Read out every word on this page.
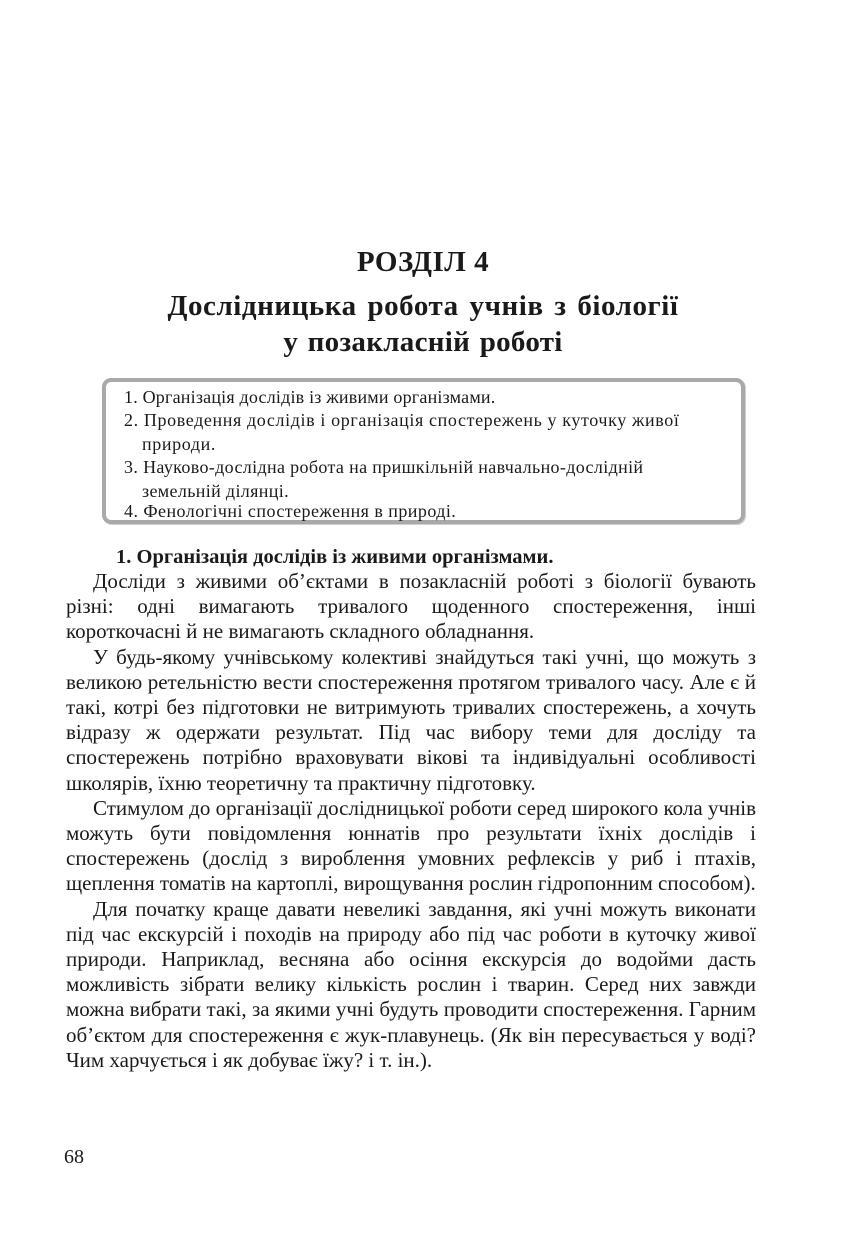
РОЗДІЛ 4
Дослідницька робота учнів з біології
у позакласній роботі
1. Організація дослідів із живими організмами.
2. Проведення дослідів і організація спостережень у куточку живої
природи.
3. Науково-дослідна робота на пришкільній навчально-дослідній
земельній ділянці.
4. Фенологічні спостереження в природі.
1. Організація дослідів із живими організмами.

Досліди з живими об’єктами в позакласній роботі з біології бувають різні: одні вимагають тривалого щоденного спостереження, інші короткочасні й не вимагають складного обладнання.

У будь-якому учнівському колективі знайдуться такі учні, що можуть з великою ретельністю вести спостереження протягом тривалого часу. Але є й такі, котрі без підготовки не витримують тривалих спостережень, а хочуть відразу ж одержати результат. Під час вибору теми для досліду та спостережень потрібно враховувати вікові та індивідуальні особливості школярів, їхню теоретичну та практичну підготовку.

Стимулом до організації дослідницької роботи серед широкого кола учнів можуть бути повідомлення юннатів про результати їхніх дослідів і спостережень (дослід з вироблення умовних рефлексів у риб і птахів, щеплення томатів на картоплі, вирощування рослин гідропонним способом).

Для початку краще давати невеликі завдання, які учні можуть виконати під час екскурсій і походів на природу або під час роботи в куточку живої природи. Наприклад, весняна або осіння екскурсія до водойми дасть можливість зібрати велику кількість рослин і тварин. Серед них завжди можна вибрати такі, за якими учні будуть проводити спостереження. Гарним об’єктом для спостереження є жук-плавунець. (Як він пересувається у воді? Чим харчується і як добуває їжу? і т. ін.).

68
